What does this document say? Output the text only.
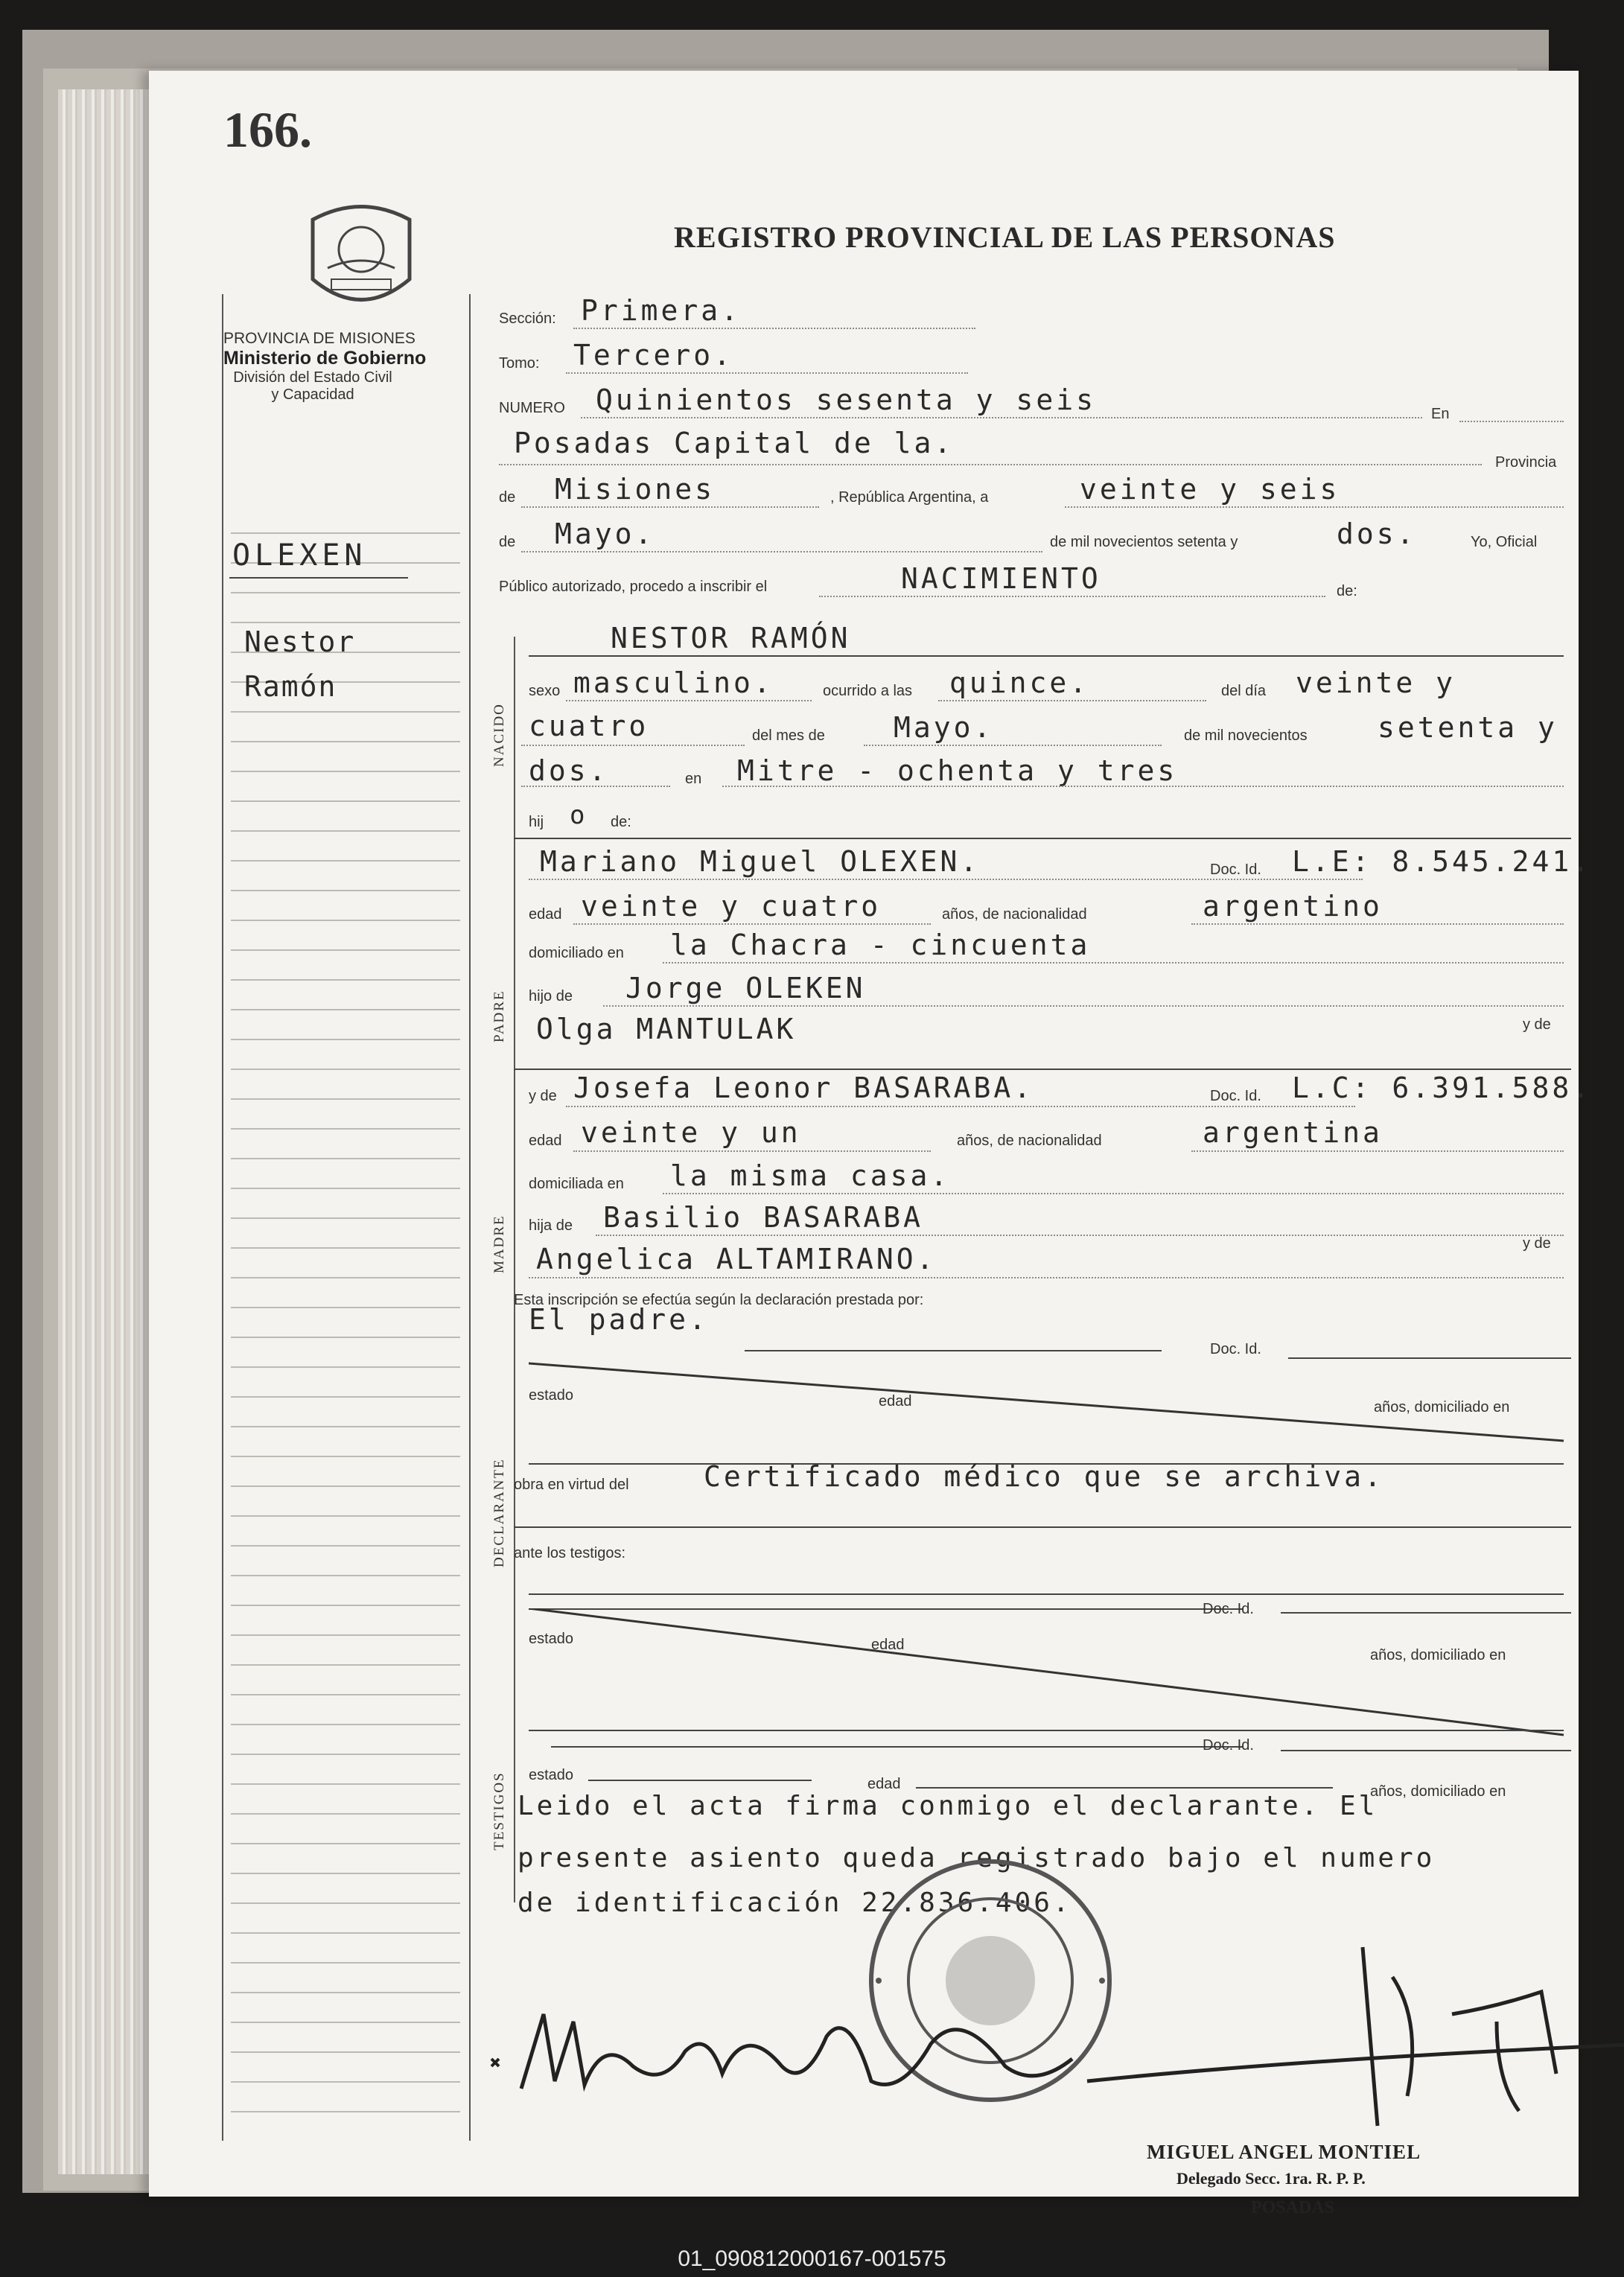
166.
REGISTRO PROVINCIAL DE LAS PERSONAS
PROVINCIA DE MISIONES
Ministerio de Gobierno
División del Estado Civil
y Capacidad
OLEXEN
Nestor
Ramón
Sección: Primera.
Tomo: Tercero.
NUMERO Quinientos sesenta y seis	En
Posadas Capital de la.
Provincia
de Misiones	, República Argentina, a	veinte y seis
de Mayo.	de mil novecientos setenta y	dos.	Yo, Oficial
Público autorizado, procedo a inscribir el	NACIMIENTO	de:
NACIDO
NESTOR RAMÓN
sexo masculino.	ocurrido a las quince.	del día veinte y
cuatro	del mes de Mayo.	de mil novecientos setenta y
dos.	en Mitre - ochenta y tres
hij o de:
PADRE
Mariano Miguel OLEXEN.	Doc. Id. L.E: 8.545.241.
edad veinte y cuatro	años, de nacionalidad	argentino
domiciliado en la Chacra - cincuenta
hijo de Jorge OLEKEN
y de
Olga MANTULAK
MADRE
y de Josefa Leonor BASARABA.	Doc. Id. L.C: 6.391.588.
edad veinte y un	años, de nacionalidad	argentina
domiciliada en la misma casa.
hija de Basilio BASARABA
y de
Angelica ALTAMIRANO.
Esta inscripción se efectúa según la declaración prestada por:
DECLARANTE
El padre.
Doc. Id.
estado	edad	años, domiciliado en
obra en virtud del	Certificado médico que se archiva.
ante los testigos:
TESTIGOS
Doc. Id.
estado	edad
años, domiciliado en
Doc. Id.
estado
edad	años, domiciliado en
Leido el acta firma conmigo el declarante. El
presente asiento queda registrado bajo el numero
de identificación 22.836.406.
MIGUEL ANGEL MONTIEL
Delegado Secc. 1ra. R. P. P.
POSADAS
01_090812000167-001575
